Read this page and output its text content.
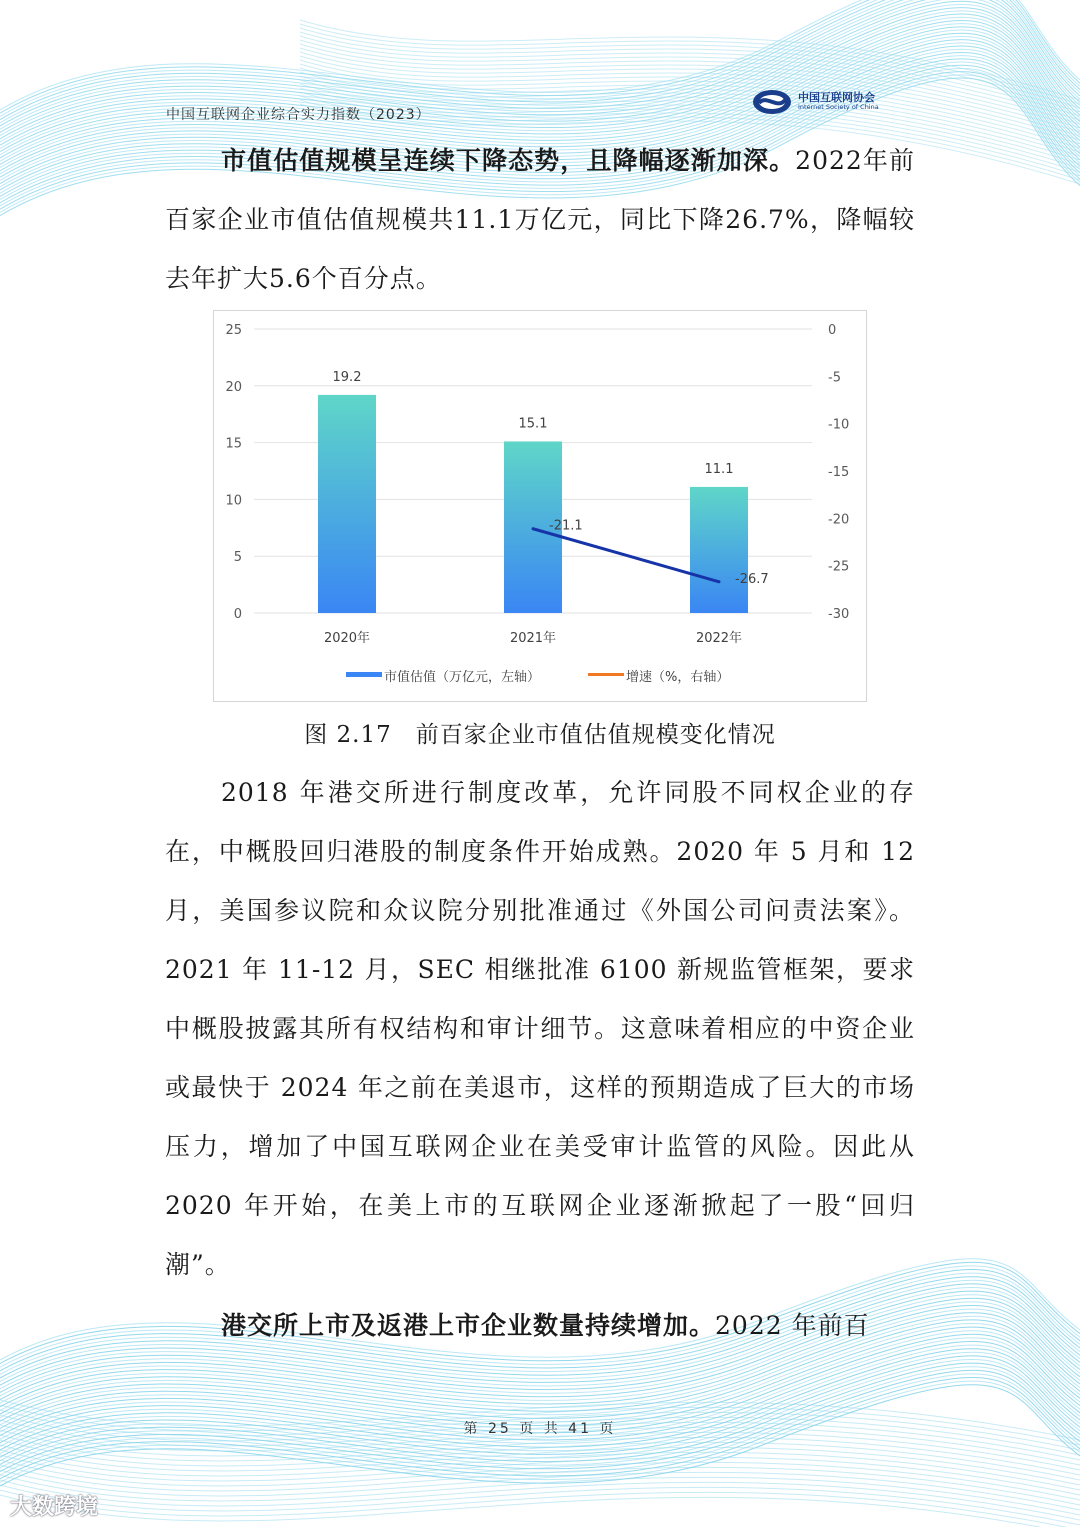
中国互联网企业综合实力指数（2023）
中国互联网协会
Internet Society of China
市值估值规模呈连续下降态势，且降幅逐渐加深。2022年前百家企业市值估值规模共11.1万亿元，同比下降26.7%，降幅较去年扩大5.6个百分点。
0
5
10
15
20
25	0
-5
-10
-15
-20
-25
-30
19.2
15.1
11.1
2020年	2021年	2022年
-21.1
-26.7
市值估值（万亿元，左轴）	增速（%，右轴）
图 2.17　前百家企业市值估值规模变化情况
2018 年港交所进行制度改革，允许同股不同权企业的存在，中概股回归港股的制度条件开始成熟。2020 年 5 月和 12 月，美国参议院和众议院分别批准通过《外国公司问责法案》。2021 年 11-12 月，SEC 相继批准 6100 新规监管框架，要求中概股披露其所有权结构和审计细节。这意味着相应的中资企业或最快于 2024 年之前在美退市，这样的预期造成了巨大的市场压力，增加了中国互联网企业在美受审计监管的风险。因此从 2020 年开始，在美上市的互联网企业逐渐掀起了一股“回归潮”。
港交所上市及返港上市企业数量持续增加。2022 年前百
第 25 页 共 41 页
大数跨境
